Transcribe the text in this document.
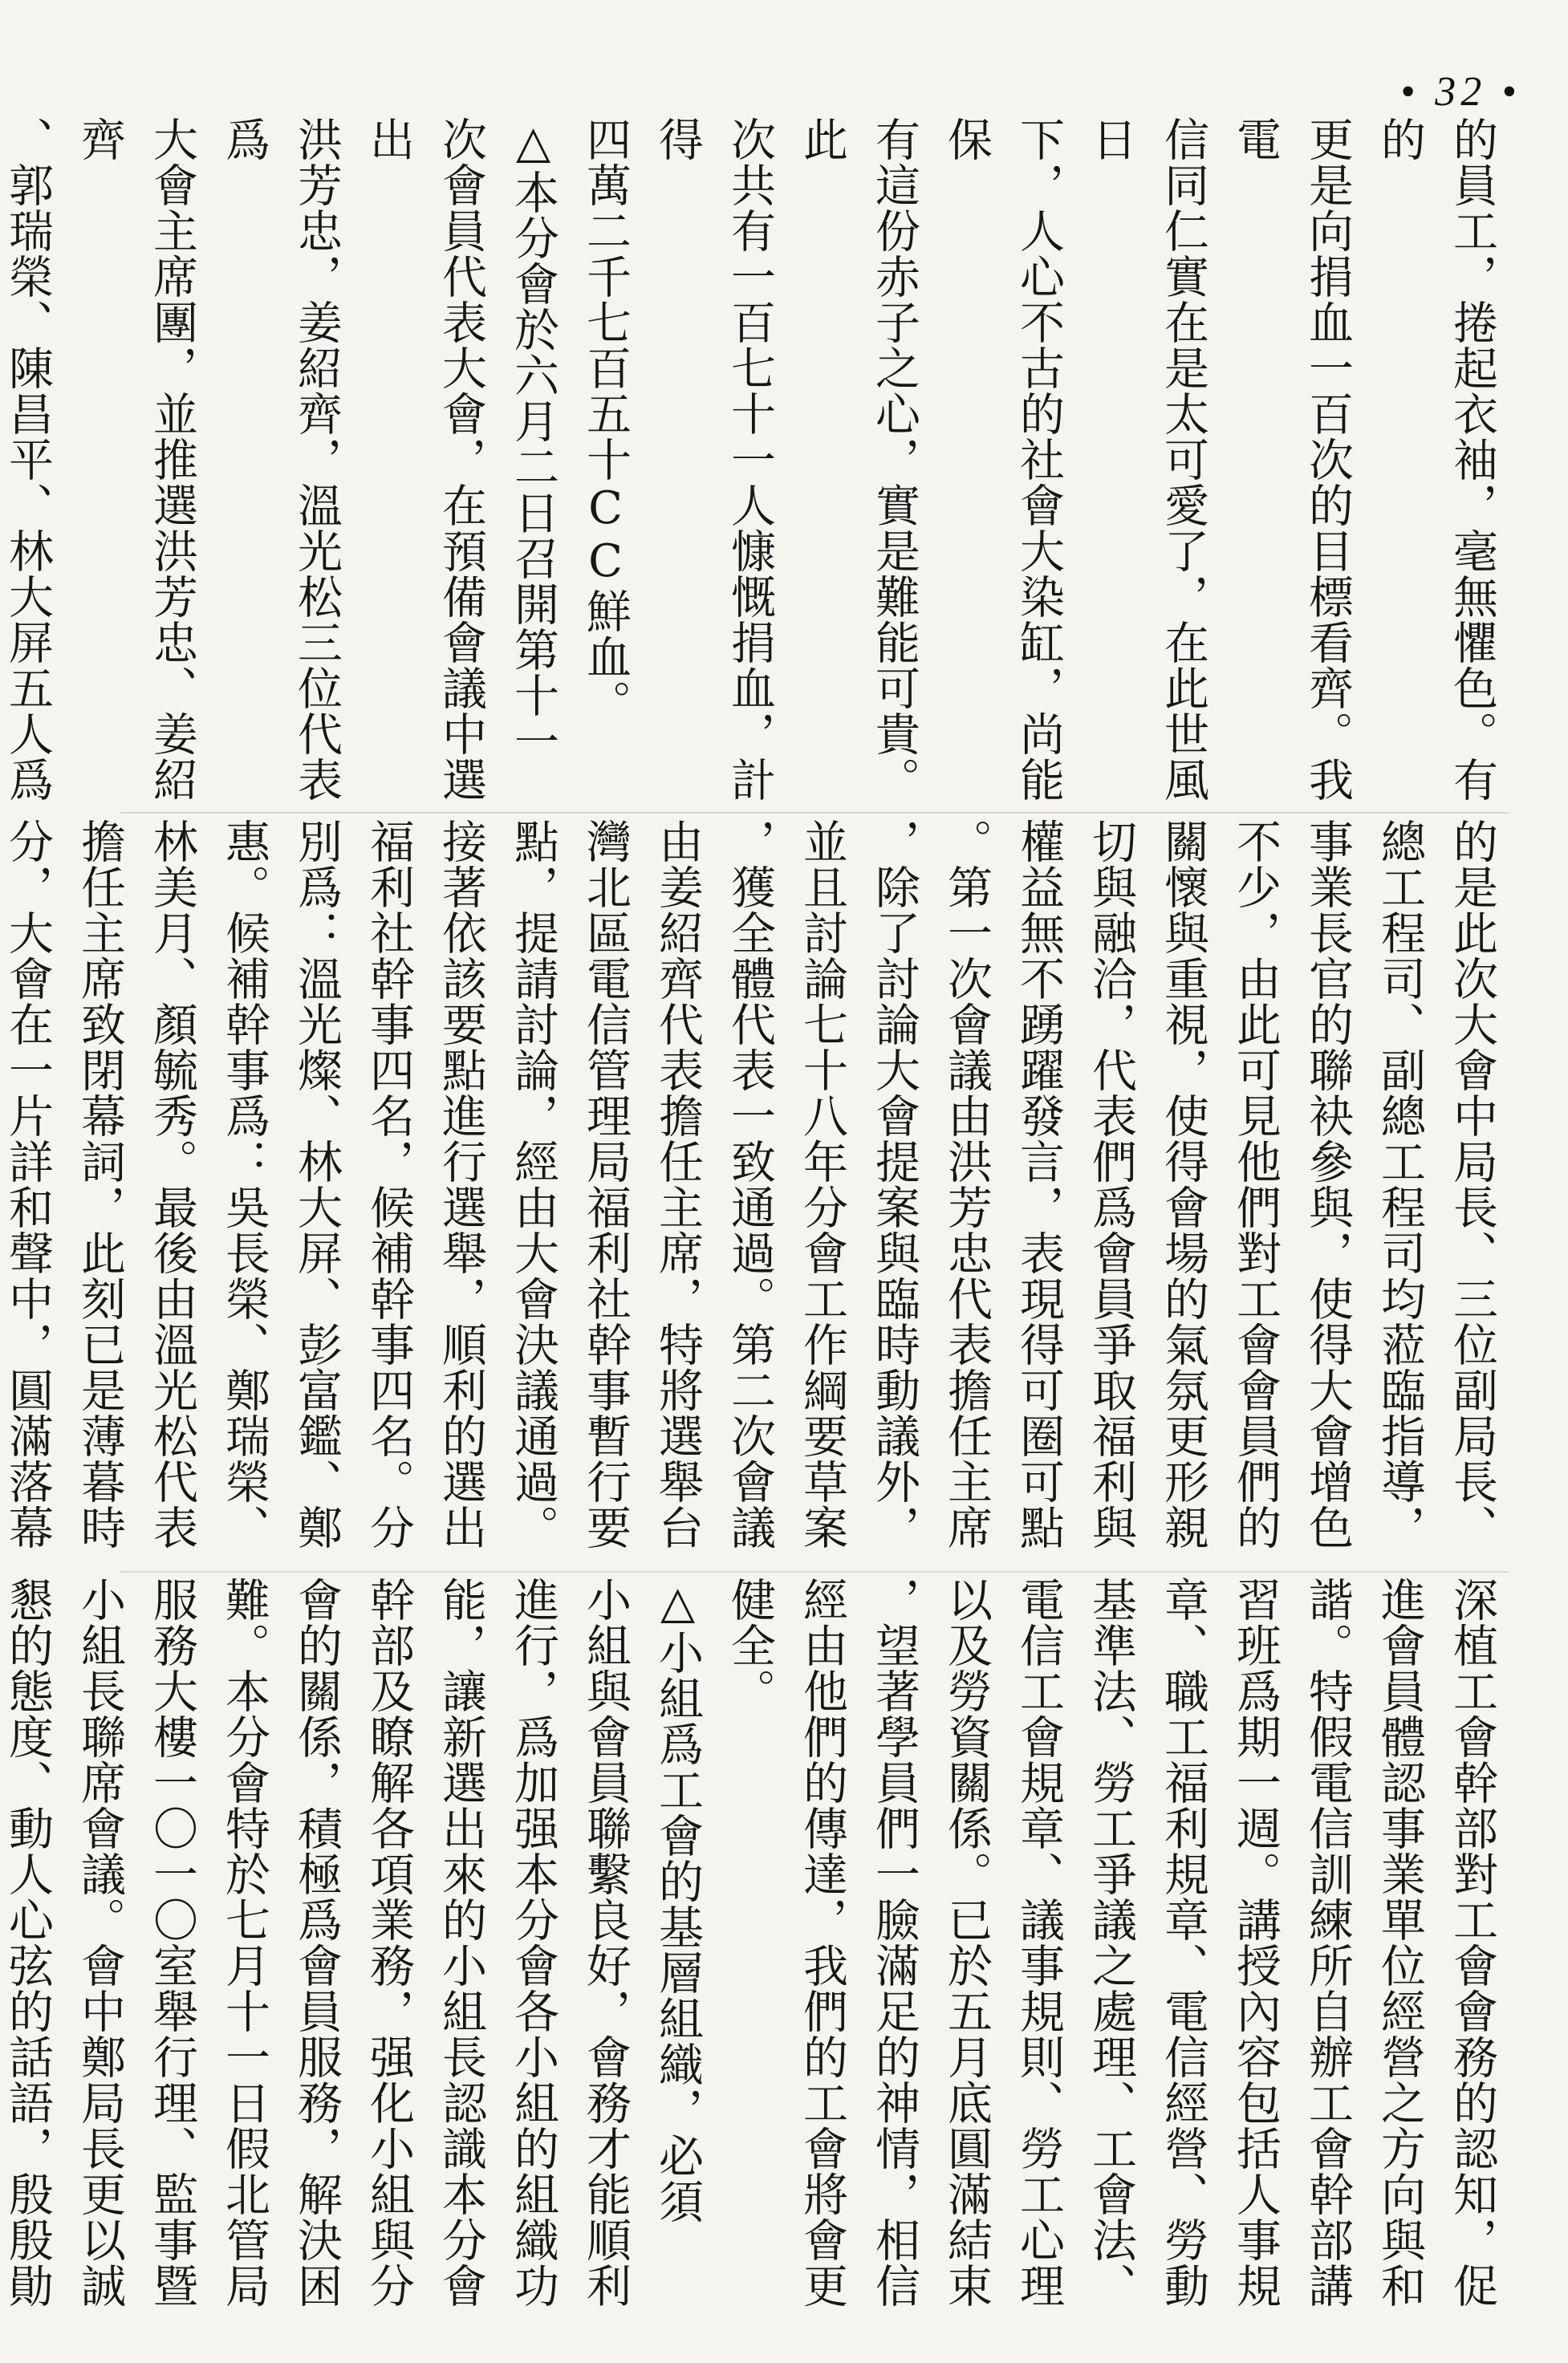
• 32 •
的員工，捲起衣袖，毫無懼色。有的
更是向捐血一百次的目標看齊。我電
信同仁實在是太可愛了，在此世風日
下，人心不古的社會大染缸，尚能保
有這份赤子之心，實是難能可貴。此
次共有一百七十一人慷慨捐血，計得
四萬二千七百五十CC鮮血。
△本分會於六月二日召開第十一
次會員代表大會，在預備會議中選出
洪芳忠，姜紹齊，溫光松三位代表爲
大會主席團，並推選洪芳忠、姜紹齊
、郭瑞榮、陳昌平、林大屏五人爲
的是此次大會中局長、三位副局長、
總工程司、副總工程司均蒞臨指導，
事業長官的聯袂參與，使得大會增色
不少，由此可見他們對工會會員們的
關懷與重視，使得會場的氣氛更形親
切與融洽，代表們爲會員爭取福利與
權益無不踴躍發言，表現得可圈可點
。第一次會議由洪芳忠代表擔任主席
，除了討論大會提案與臨時動議外，
並且討論七十八年分會工作綱要草案
，獲全體代表一致通過。第二次會議
由姜紹齊代表擔任主席，特將選舉台
灣北區電信管理局福利社幹事暫行要
點，提請討論，經由大會決議通過。
接著依該要點進行選舉，順利的選出
福利社幹事四名，候補幹事四名。分
別爲：溫光燦、林大屏、彭富鑑、鄭
惠。候補幹事爲：吳長榮、鄭瑞榮、
林美月、顏毓秀。最後由溫光松代表
擔任主席致閉幕詞，此刻已是薄暮時
分，大會在一片詳和聲中，圓滿落幕
深植工會幹部對工會會務的認知，促
進會員體認事業單位經營之方向與和
諧。特假電信訓練所自辦工會幹部講
習班爲期一週。講授內容包括人事規
章、職工福利規章、電信經營、勞動
基準法、勞工爭議之處理、工會法、
電信工會規章、議事規則、勞工心理
以及勞資關係。已於五月底圓滿結束
，望著學員們一臉滿足的神情，相信
經由他們的傳達，我們的工會將會更
健全。
△小組爲工會的基層組織，必須
小組與會員聯繫良好，會務才能順利
進行，爲加强本分會各小組的組織功
能，讓新選出來的小組長認識本分會
幹部及瞭解各項業務，强化小組與分
會的關係，積極爲會員服務，解決困
難。本分會特於七月十一日假北管局
服務大樓一〇一〇室舉行理、監事暨
小組長聯席會議。會中鄭局長更以誠
懇的態度、動人心弦的話語，殷殷勛
